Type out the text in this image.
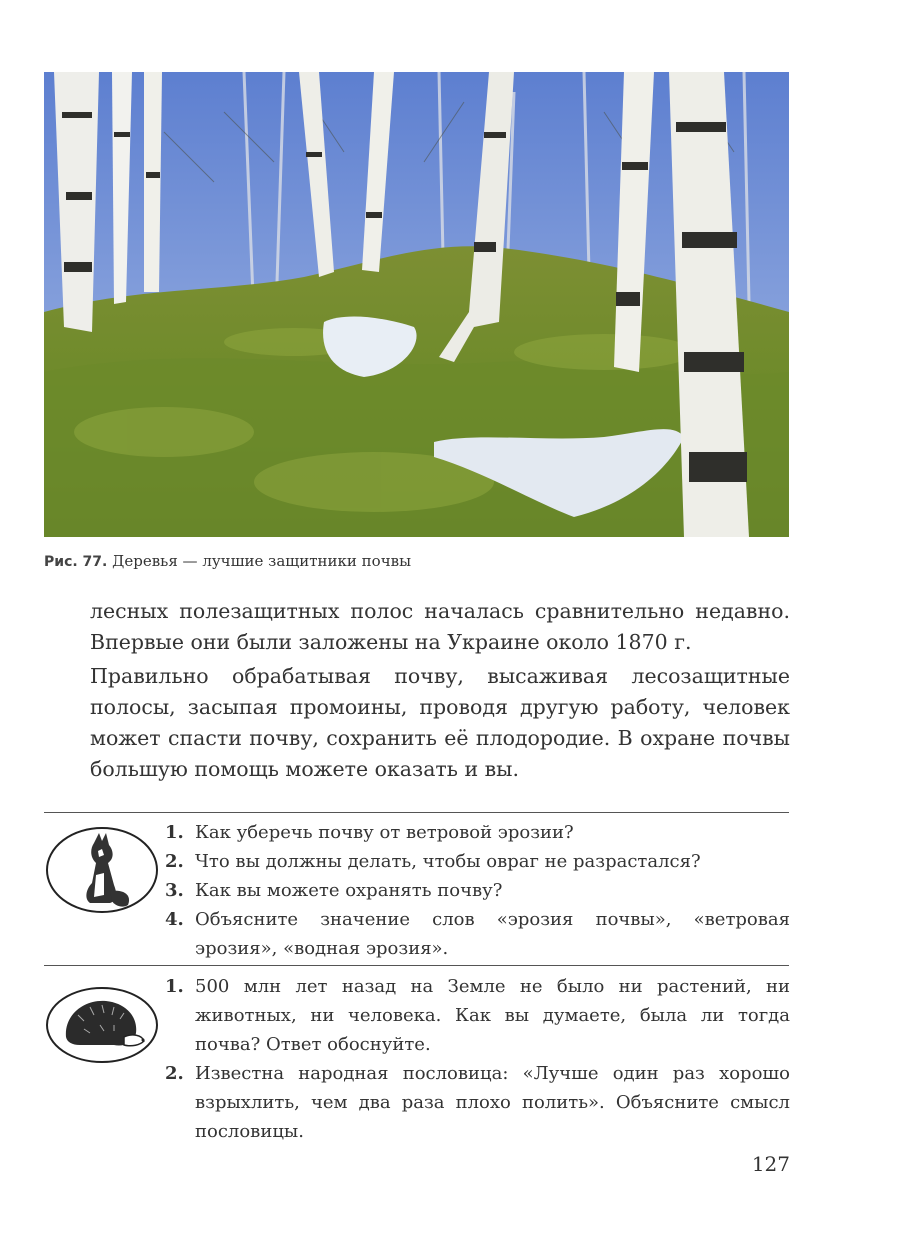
Рис. 77. Деревья — лучшие защитники почвы

лесных полезащитных полос началась сравнительно недавно. Впервые они были заложены на Украине около 1870 г.

Правильно обрабатывая почву, высаживая лесозащитные полосы, засыпая промоины, проводя другую работу, человек может спасти почву, сохранить её плодородие. В охране почвы большую помощь можете оказать и вы.

1. Как уберечь почву от ветровой эрозии?
2. Что вы должны делать, чтобы овраг не разрастался?
3. Как вы можете охранять почву?
4. Объясните значение слов «эрозия почвы», «ветровая эрозия», «водная эрозия».
1. 500 млн лет назад на Земле не было ни растений, ни животных, ни человека. Как вы думаете, была ли тогда почва? Ответ обоснуйте.
2. Известна народная пословица: «Лучше один раз хорошо взрыхлить, чем два раза плохо полить». Объясните смысл пословицы.
127
